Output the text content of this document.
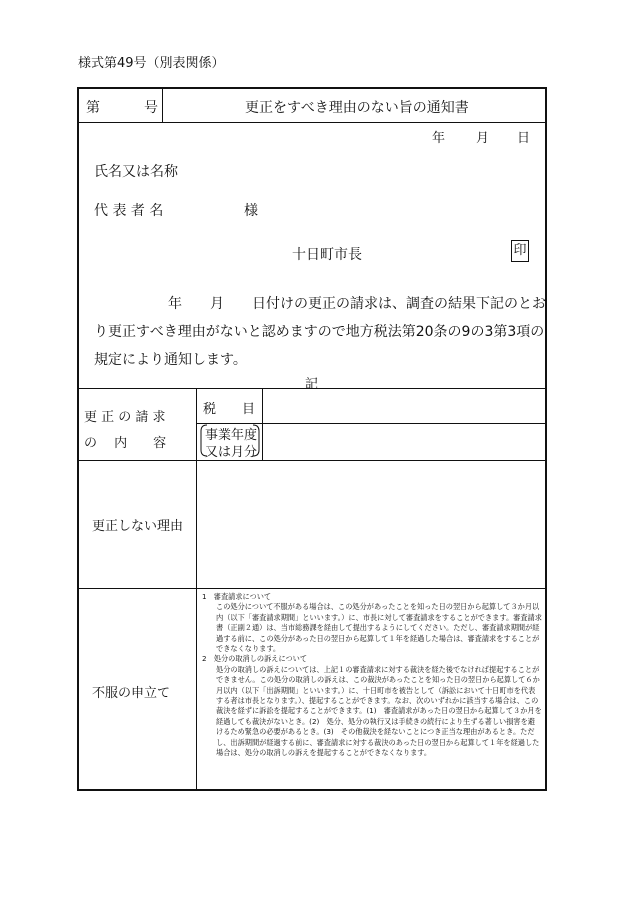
様式第49号（別表関係）
第	号	更正をすべき理由のない旨の通知書
年 月 日
氏名又は名称
代 表 者 名	様
十日町市長	印
年　　月　　日付けの更正の請求は、調査の結果下記のとお
り更正すべき理由がないと認めますので地方税法第20条の9の3第3項の
規定により通知します。
記
更 正 の 請 求
の　 内　　容
税　　目
事業年度
又は月分
更正しない理由
不服の申立て

1　審査請求について

この処分について不服がある場合は、この処分があったことを知った日の翌日から起算して３か月以内（以下「審査請求期間」といいます。）に、市長に対して審査請求をすることができます。審査請求書（正副２通）は、当市総務課を経由して提出するようにしてください。ただし、審査請求期間が経過する前に、この処分があった日の翌日から起算して１年を経過した場合は、審査請求をすることができなくなります。

2　処分の取消しの訴えについて

処分の取消しの訴えについては、上記１の審査請求に対する裁決を経た後でなければ提起することができません。この処分の取消しの訴えは、この裁決があったことを知った日の翌日から起算して６か月以内（以下「出訴期間」といいます。）に、十日町市を被告として（訴訟において十日町市を代表する者は市長となります。）、提起することができます。なお、次のいずれかに該当する場合は、この裁決を経ずに訴訟を提起することができます。(1)　審査請求があった日の翌日から起算して３か月を経過しても裁決がないとき。(2)　処分、処分の執行又は手続きの続行により生ずる著しい損害を避けるため緊急の必要があるとき。(3)　その他裁決を経ないことにつき正当な理由があるとき。ただし、出訴期間が経過する前に、審査請求に対する裁決のあった日の翌日から起算して１年を経過した場合は、処分の取消しの訴えを提起することができなくなります。
